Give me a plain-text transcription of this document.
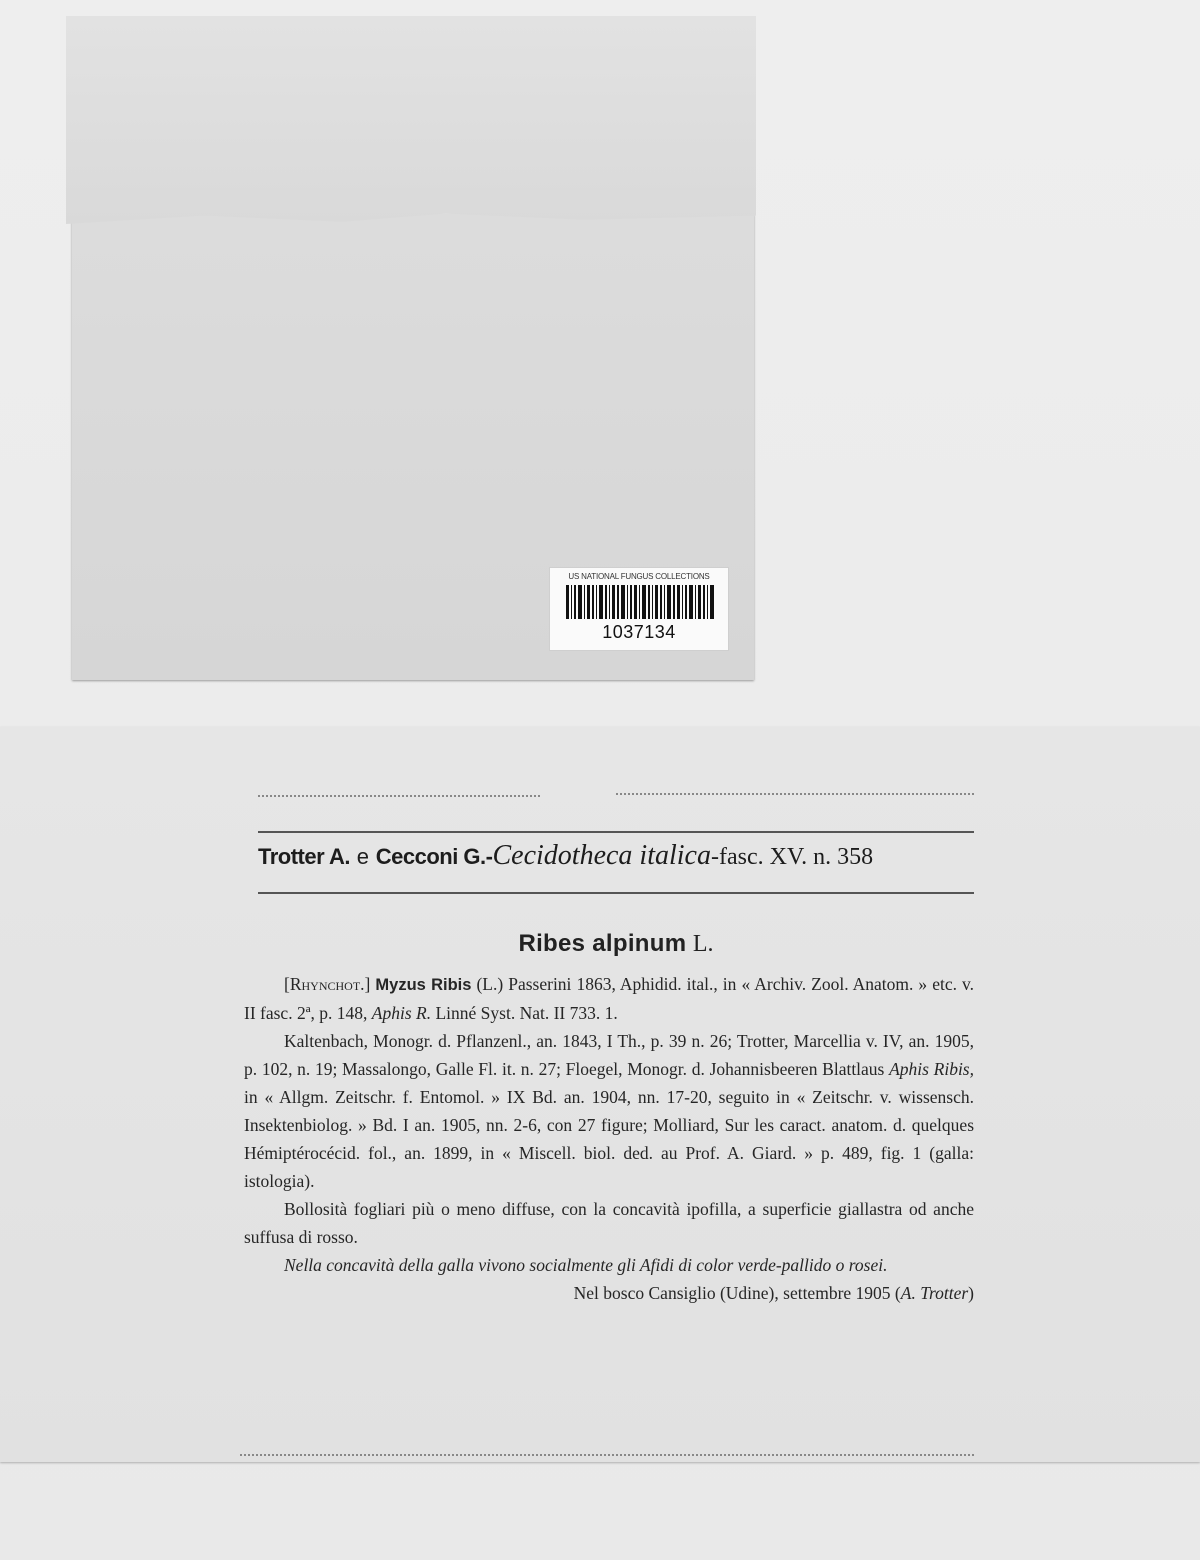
US NATIONAL FUNGUS COLLECTIONS
1037134
Trotter A. e Cecconi G.-Cecidotheca italica-fasc. XV. n. 358
Ribes alpinum L.

[Rhynchot.] Myzus Ribis (L.) Passerini 1863, Aphidid. ital., in « Archiv. Zool. Anatom. » etc. v. II fasc. 2ª, p. 148, Aphis R. Linné Syst. Nat. II 733. 1.

Kaltenbach, Monogr. d. Pflanzenl., an. 1843, I Th., p. 39 n. 26; Trotter, Marcellia v. IV, an. 1905, p. 102, n. 19; Massalongo, Galle Fl. it. n. 27; Floegel, Monogr. d. Johannisbeeren Blattlaus Aphis Ribis, in « Allgm. Zeitschr. f. Entomol. » IX Bd. an. 1904, nn. 17-20, seguito in « Zeitschr. v. wissensch. Insektenbiolog. » Bd. I an. 1905, nn. 2-6, con 27 figure; Molliard, Sur les caract. anatom. d. quelques Hémiptérocécid. fol., an. 1899, in « Miscell. biol. ded. au Prof. A. Giard. » p. 489, fig. 1 (galla: istologia).

Bollosità fogliari più o meno diffuse, con la concavità ipofilla, a superficie giallastra od anche suffusa di rosso.

Nella concavità della galla vivono socialmente gli Afidi di color verde-pallido o rosei.

Nel bosco Cansiglio (Udine), settembre 1905 (A. Trotter)
